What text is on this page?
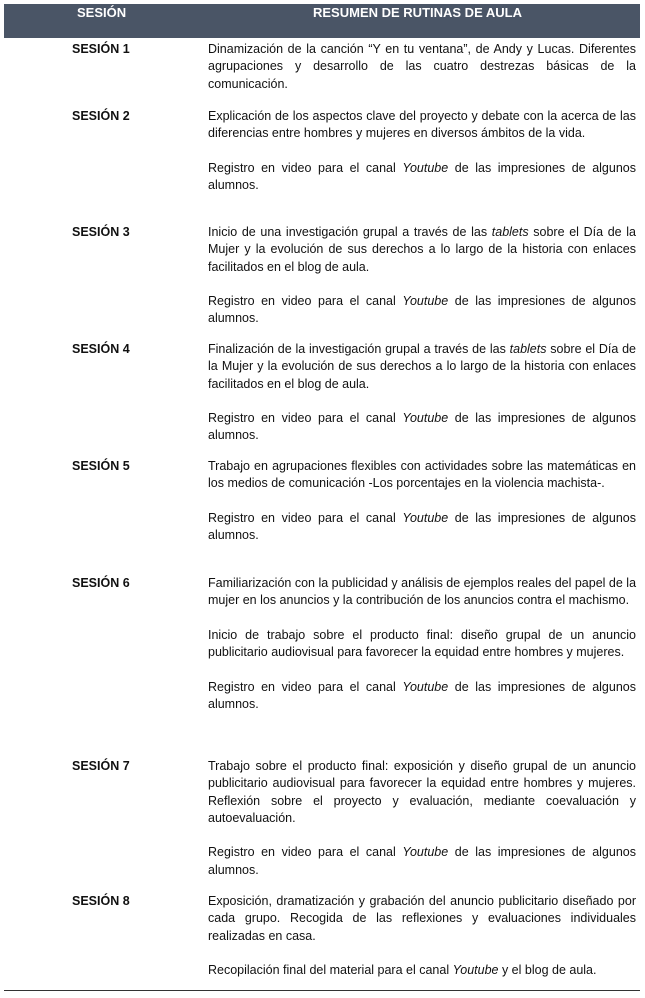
SESIÓN	RESUMEN DE RUTINAS DE AULA
SESIÓN 1	Dinamización de la canción “Y en tu ventana”, de Andy y Lucas. Diferentes agrupaciones y desarrollo de las cuatro destrezas básicas de la comunicación.

SESIÓN 2	Explicación de los aspectos clave del proyecto y debate con la acerca de las diferencias entre hombres y mujeres en diversos ámbitos de la vida.

Registro en video para el canal Youtube de las impresiones de algunos alumnos.

SESIÓN 3	Inicio de una investigación grupal a través de las tablets sobre el Día de la Mujer y la evolución de sus derechos a lo largo de la historia con enlaces facilitados en el blog de aula.

Registro en video para el canal Youtube de las impresiones de algunos alumnos.

SESIÓN 4	Finalización de la investigación grupal a través de las tablets sobre el Día de la Mujer y la evolución de sus derechos a lo largo de la historia con enlaces facilitados en el blog de aula.

Registro en video para el canal Youtube de las impresiones de algunos alumnos.

SESIÓN 5	Trabajo en agrupaciones flexibles con actividades sobre las matemáticas en los medios de comunicación -Los porcentajes en la violencia machista-.

Registro en video para el canal Youtube de las impresiones de algunos alumnos.

SESIÓN 6	Familiarización con la publicidad y análisis de ejemplos reales del papel de la mujer en los anuncios y la contribución de los anuncios contra el machismo.

Inicio de trabajo sobre el producto final: diseño grupal de un anuncio publicitario audiovisual para favorecer la equidad entre hombres y mujeres.

Registro en video para el canal Youtube de las impresiones de algunos alumnos.

SESIÓN 7	Trabajo sobre el producto final: exposición y diseño grupal de un anuncio publicitario audiovisual para favorecer la equidad entre hombres y mujeres. Reflexión sobre el proyecto y evaluación, mediante coevaluación y autoevaluación.

Registro en video para el canal Youtube de las impresiones de algunos alumnos.

SESIÓN 8	Exposición, dramatización y grabación del anuncio publicitario diseñado por cada grupo. Recogida de las reflexiones y evaluaciones individuales realizadas en casa.

Recopilación final del material para el canal Youtube y el blog de aula.
